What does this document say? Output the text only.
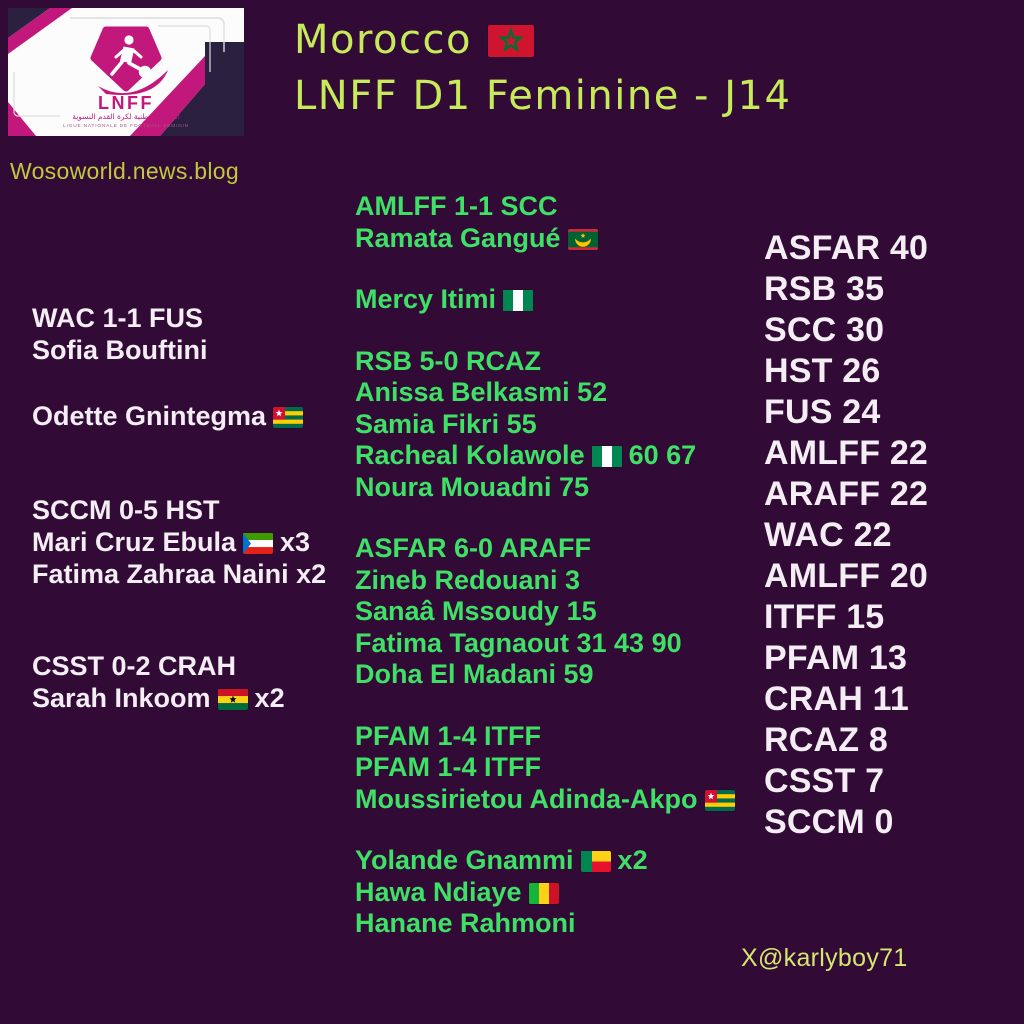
LNFF
العصبة الوطنية لكرة القدم النسوية
LIGUE NATIONALE DE FOOTBALL FEMININ
Morocco
LNFF D1 Feminine - J14
Wosoworld.news.blog
WAC 1-1 FUS
Sofia Bouftini
Odette Gnintegma
SCCM 0-5 HST
Mari Cruz Ebula x3
Fatima Zahraa Naini x2
CSST 0-2 CRAH
Sarah Inkoom x2
AMLFF 1-1 SCC
Ramata Gangué
Mercy Itimi
RSB 5-0 RCAZ
Anissa Belkasmi 52
Samia Fikri 55
Racheal Kolawole 60 67
Noura Mouadni 75
ASFAR 6-0 ARAFF
Zineb Redouani 3
Sanaâ Mssoudy 15
Fatima Tagnaout 31 43 90
Doha El Madani 59
PFAM 1-4 ITFF
PFAM 1-4 ITFF
Moussirietou Adinda-Akpo
Yolande Gnammi x2
Hawa Ndiaye
Hanane Rahmoni
ASFAR 40
RSB 35
SCC 30
HST 26
FUS 24
AMLFF 22
ARAFF 22
WAC 22
AMLFF 20
ITFF 15
PFAM 13
CRAH 11
RCAZ 8
CSST 7
SCCM 0
X@karlyboy71
